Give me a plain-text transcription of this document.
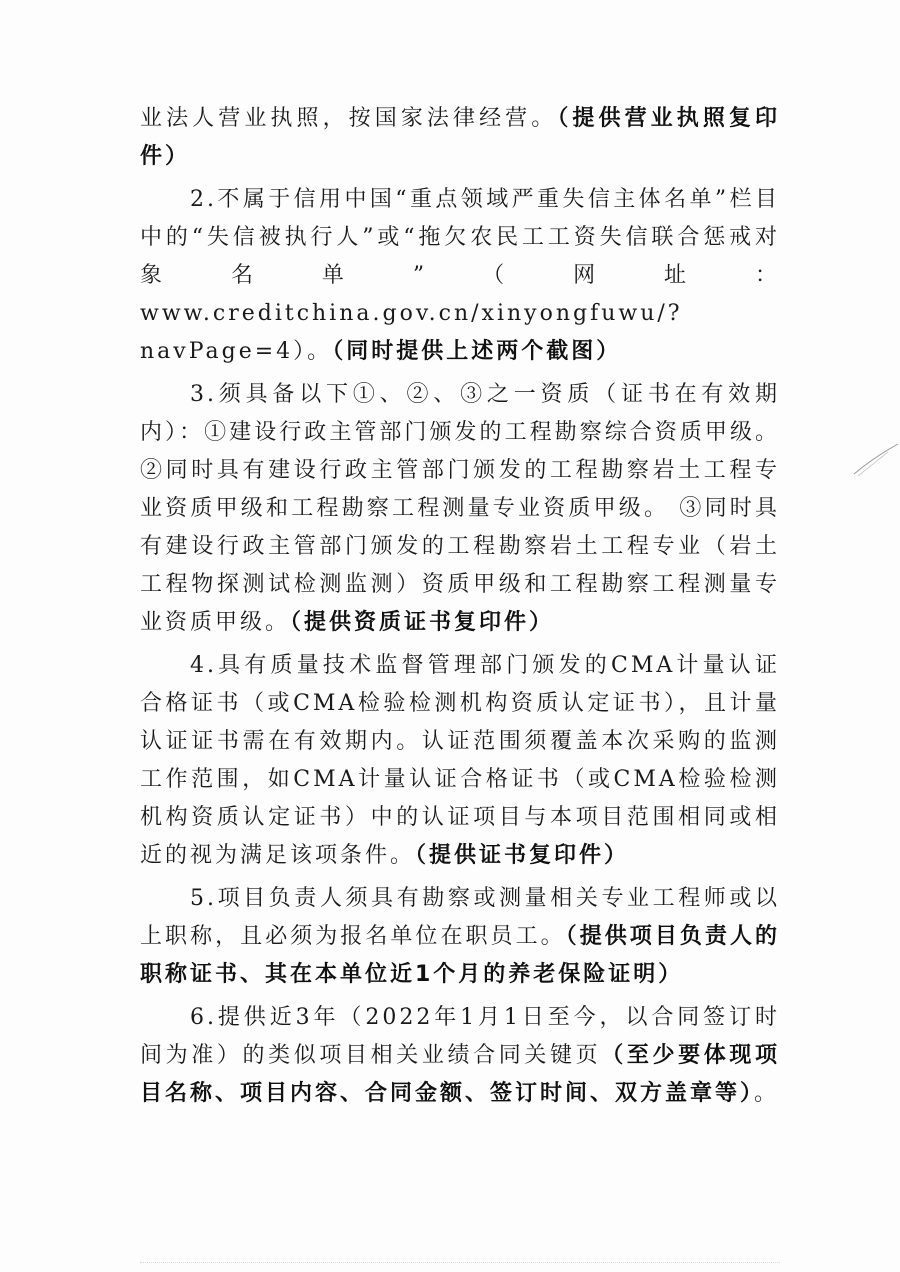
业法人营业执照，按国家法律经营。（提供营业执照复印件）

2.不属于信用中国“重点领域严重失信主体名单”栏目中的“失信被执行人”或“拖欠农民工工资失信联合惩戒对象名单”（网址：www.creditchina.gov.cn/xinyongfuwu/?navPage=4）。（同时提供上述两个截图）

3.须具备以下①、②、③之一资质（证书在有效期内）：①建设行政主管部门颁发的工程勘察综合资质甲级。②同时具有建设行政主管部门颁发的工程勘察岩土工程专业资质甲级和工程勘察工程测量专业资质甲级。 ③同时具有建设行政主管部门颁发的工程勘察岩土工程专业（岩土工程物探测试检测监测）资质甲级和工程勘察工程测量专业资质甲级。（提供资质证书复印件）

4.具有质量技术监督管理部门颁发的CMA计量认证合格证书（或CMA检验检测机构资质认定证书），且计量认证证书需在有效期内。认证范围须覆盖本次采购的监测工作范围，如CMA计量认证合格证书（或CMA检验检测机构资质认定证书）中的认证项目与本项目范围相同或相近的视为满足该项条件。（提供证书复印件）

5.项目负责人须具有勘察或测量相关专业工程师或以上职称，且必须为报名单位在职员工。（提供项目负责人的职称证书、其在本单位近1个月的养老保险证明）

6.提供近3年（2022年1月1日至今，以合同签订时间为准）的类似项目相关业绩合同关键页（至少要体现项目名称、项目内容、合同金额、签订时间、双方盖章等）。
